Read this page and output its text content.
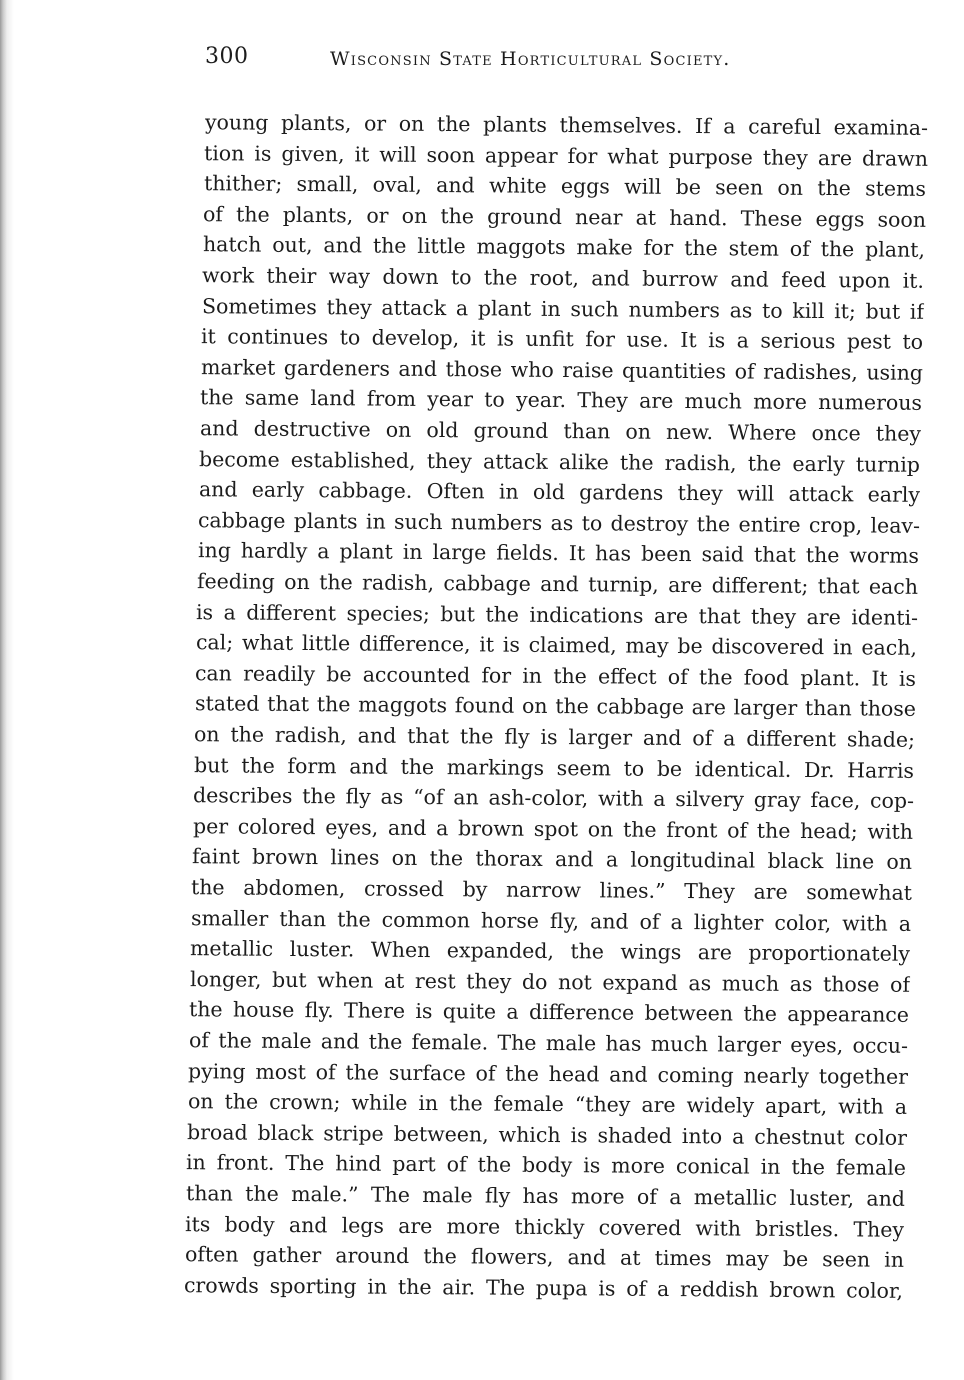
300	Wisconsin State Horticultural Society.
young plants, or on the plants themselves. If a careful examina-
tion is given, it will soon appear for what purpose they are drawn
thither; small, oval, and white eggs will be seen on the stems
of the plants, or on the ground near at hand. These eggs soon
hatch out, and the little maggots make for the stem of the plant,
work their way down to the root, and burrow and feed upon it.
Sometimes they attack a plant in such numbers as to kill it; but if
it continues to develop, it is unfit for use. It is a serious pest to
market gardeners and those who raise quantities of radishes, using
the same land from year to year. They are much more numerous
and destructive on old ground than on new. Where once they
become established, they attack alike the radish, the early turnip
and early cabbage. Often in old gardens they will attack early
cabbage plants in such numbers as to destroy the entire crop, leav-
ing hardly a plant in large fields. It has been said that the worms
feeding on the radish, cabbage and turnip, are different; that each
is a different species; but the indications are that they are identi-
cal; what little difference, it is claimed, may be discovered in each,
can readily be accounted for in the effect of the food plant. It is
stated that the maggots found on the cabbage are larger than those
on the radish, and that the fly is larger and of a different shade;
but the form and the markings seem to be identical. Dr. Harris
describes the fly as “of an ash-color, with a silvery gray face, cop-
per colored eyes, and a brown spot on the front of the head; with
faint brown lines on the thorax and a longitudinal black line on
the abdomen, crossed by narrow lines.” They are somewhat
smaller than the common horse fly, and of a lighter color, with a
metallic luster. When expanded, the wings are proportionately
longer, but when at rest they do not expand as much as those of
the house fly. There is quite a difference between the appearance
of the male and the female. The male has much larger eyes, occu-
pying most of the surface of the head and coming nearly together
on the crown; while in the female “they are widely apart, with a
broad black stripe between, which is shaded into a chestnut color
in front. The hind part of the body is more conical in the female
than the male.” The male fly has more of a metallic luster, and
its body and legs are more thickly covered with bristles. They
often gather around the flowers, and at times may be seen in
crowds sporting in the air. The pupa is of a reddish brown color,
